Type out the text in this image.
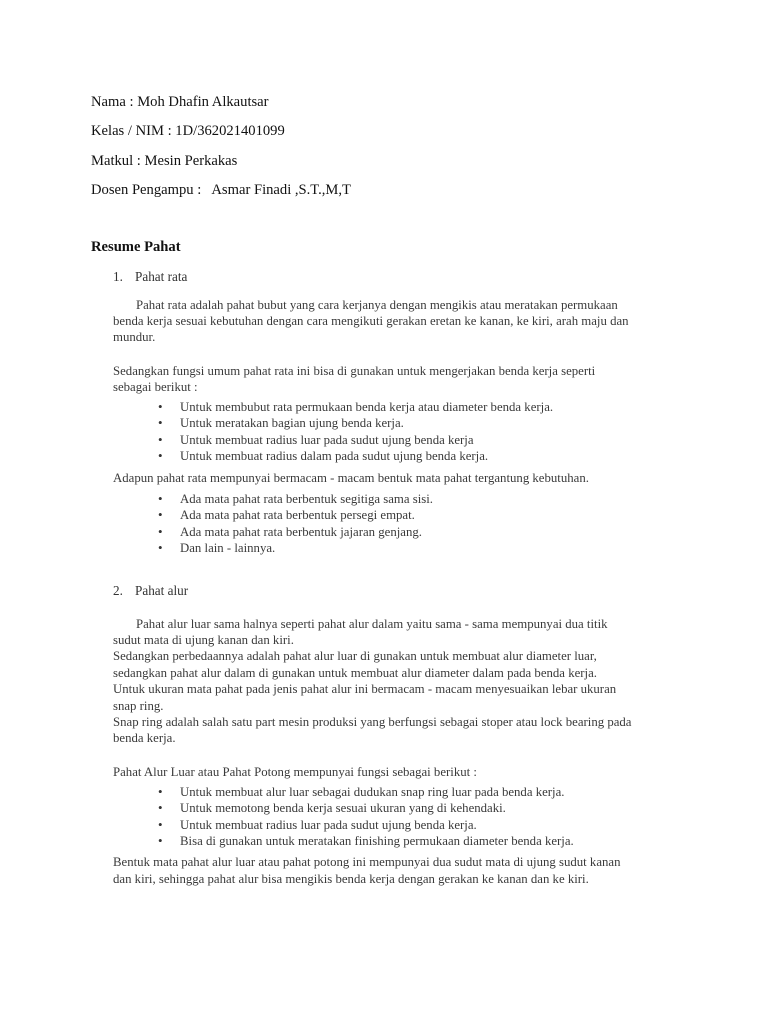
Nama : Moh Dhafin Alkautsar
Kelas / NIM : 1D/362021401099
Matkul : Mesin Perkakas
Dosen Pengampu :   Asmar Finadi ,S.T.,M,T
Resume Pahat
1. Pahat rata
Pahat rata adalah pahat bubut yang cara kerjanya dengan mengikis atau meratakan permukaan
benda kerja sesuai kebutuhan dengan cara mengikuti gerakan eretan ke kanan, ke kiri, arah maju dan
mundur.
Sedangkan fungsi umum pahat rata ini bisa di gunakan untuk mengerjakan benda kerja seperti
sebagai berikut :
• Untuk membubut rata permukaan benda kerja atau diameter benda kerja.
• Untuk meratakan bagian ujung benda kerja.
• Untuk membuat radius luar pada sudut ujung benda kerja
• Untuk membuat radius dalam pada sudut ujung benda kerja.
Adapun pahat rata mempunyai bermacam - macam bentuk mata pahat tergantung kebutuhan.
• Ada mata pahat rata berbentuk segitiga sama sisi.
• Ada mata pahat rata berbentuk persegi empat.
• Ada mata pahat rata berbentuk jajaran genjang.
• Dan lain - lainnya.
2. Pahat alur
Pahat alur luar sama halnya seperti pahat alur dalam yaitu sama - sama mempunyai dua titik
sudut mata di ujung kanan dan kiri.
Sedangkan perbedaannya adalah pahat alur luar di gunakan untuk membuat alur diameter luar,
sedangkan pahat alur dalam di gunakan untuk membuat alur diameter dalam pada benda kerja.
Untuk ukuran mata pahat pada jenis pahat alur ini bermacam - macam menyesuaikan lebar ukuran
snap ring.
Snap ring adalah salah satu part mesin produksi yang berfungsi sebagai stoper atau lock bearing pada
benda kerja.
Pahat Alur Luar atau Pahat Potong mempunyai fungsi sebagai berikut :
• Untuk membuat alur luar sebagai dudukan snap ring luar pada benda kerja.
• Untuk memotong benda kerja sesuai ukuran yang di kehendaki.
• Untuk membuat radius luar pada sudut ujung benda kerja.
• Bisa di gunakan untuk meratakan finishing permukaan diameter benda kerja.
Bentuk mata pahat alur luar atau pahat potong ini mempunyai dua sudut mata di ujung sudut kanan
dan kiri, sehingga pahat alur bisa mengikis benda kerja dengan gerakan ke kanan dan ke kiri.
